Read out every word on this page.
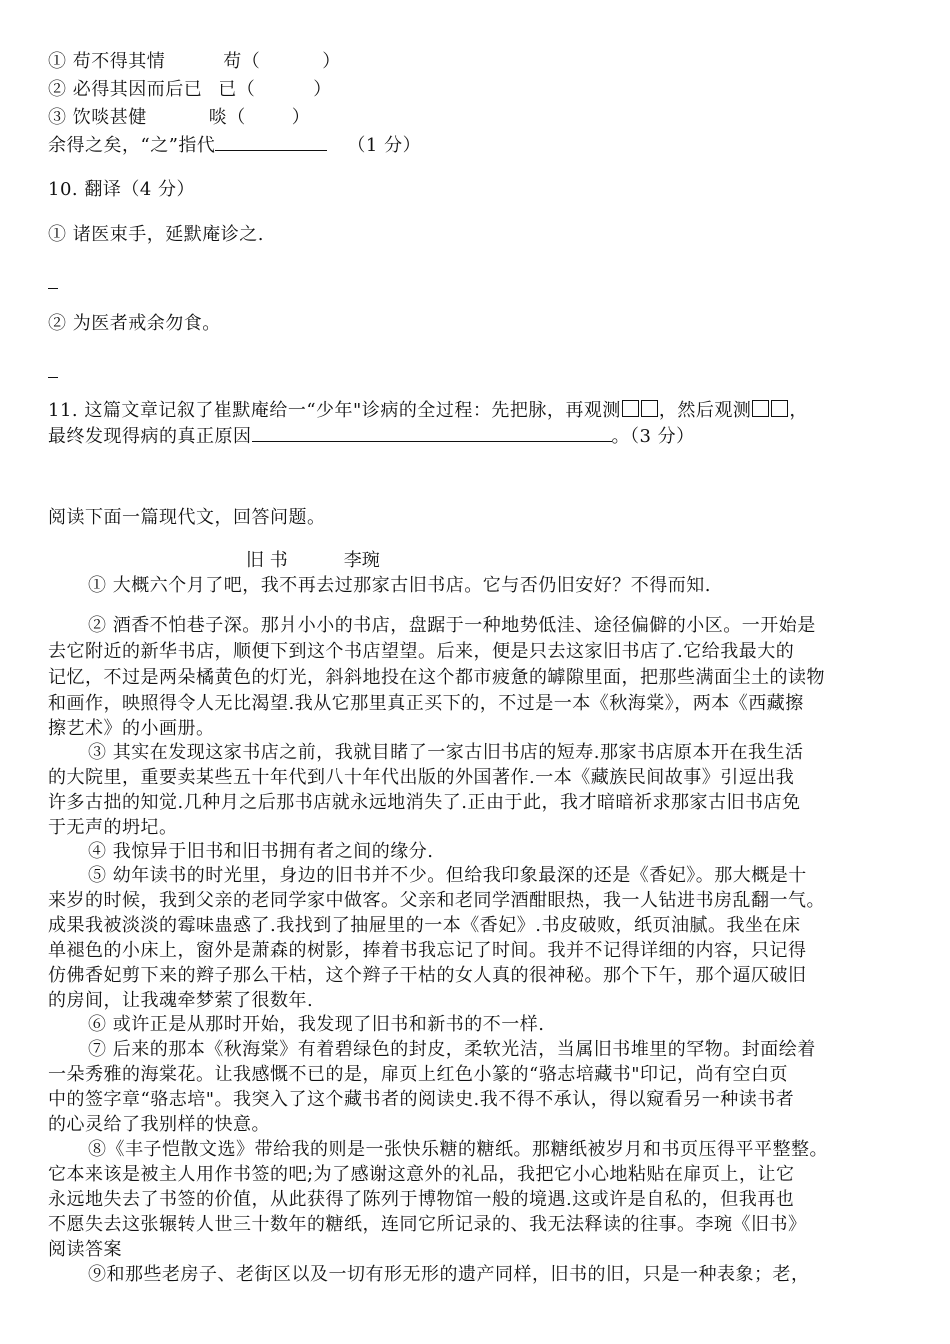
① 苟不得其情	苟（	）
② 必得其因而后已 已（	）
③ 饮啖甚健	啖（	）
余得之矣，“之”指代	（1 分）
10. 翻译（4 分）
① 诸医束手，延默庵诊之.
② 为医者戒余勿食。
11. 这篇文章记叙了崔默庵给一“少年"诊病的全过程：先把脉，再观测 ，然后观测 ，
最终发现得病的真正原因	。（3 分）
阅读下面一篇现代文，回答问题。
旧 书	李琬
① 大概六个月了吧，我不再去过那家古旧书店。它与否仍旧安好？不得而知.
② 酒香不怕巷子深。那爿小小的书店，盘踞于一种地势低洼、途径偏僻的小区。一开始是
去它附近的新华书店，顺便下到这个书店望望。后来，便是只去这家旧书店了.它给我最大的
记忆，不过是两朵橘黄色的灯光，斜斜地投在这个都市疲惫的罅隙里面，把那些满面尘土的读物
和画作，映照得令人无比渴望.我从它那里真正买下的，不过是一本《秋海棠》，两本《西藏擦
擦艺术》的小画册。
③ 其实在发现这家书店之前，我就目睹了一家古旧书店的短寿.那家书店原本开在我生活
的大院里，重要卖某些五十年代到八十年代出版的外国著作.一本《藏族民间故事》引逗出我
许多古拙的知觉.几种月之后那书店就永远地消失了.正由于此，我才暗暗祈求那家古旧书店免
于无声的坍圮。
④ 我惊异于旧书和旧书拥有者之间的缘分.
⑤ 幼年读书的时光里，身边的旧书并不少。但给我印象最深的还是《香妃》。那大概是十
来岁的时候，我到父亲的老同学家中做客。父亲和老同学酒酣眼热，我一人钻进书房乱翻一气。
成果我被淡淡的霉味蛊惑了.我找到了抽屉里的一本《香妃》.书皮破败，纸页油腻。我坐在床
单褪色的小床上，窗外是萧森的树影，捧着书我忘记了时间。我并不记得详细的内容，只记得
仿佛香妃剪下来的辫子那么干枯，这个辫子干枯的女人真的很神秘。那个下午，那个逼仄破旧
的房间，让我魂牵梦萦了很数年.
⑥ 或许正是从那时开始，我发现了旧书和新书的不一样.
⑦ 后来的那本《秋海棠》有着碧绿色的封皮，柔软光洁，当属旧书堆里的罕物。封面绘着
一朵秀雅的海棠花。让我感慨不已的是，扉页上红色小篆的“骆志培藏书"印记，尚有空白页
中的签字章“骆志培"。我突入了这个藏书者的阅读史.我不得不承认，得以窥看另一种读书者
的心灵给了我别样的快意。
⑧《丰子恺散文选》带给我的则是一张快乐糖的糖纸。那糖纸被岁月和书页压得平平整整。
它本来该是被主人用作书签的吧;为了感谢这意外的礼品，我把它小心地粘贴在扉页上，让它
永远地失去了书签的价值，从此获得了陈列于博物馆一般的境遇.这或许是自私的，但我再也
不愿失去这张辗转人世三十数年的糖纸，连同它所记录的、我无法释读的往事。李琬《旧书》
阅读答案
⑨和那些老房子、老街区以及一切有形无形的遗产同样，旧书的旧，只是一种表象；老，
